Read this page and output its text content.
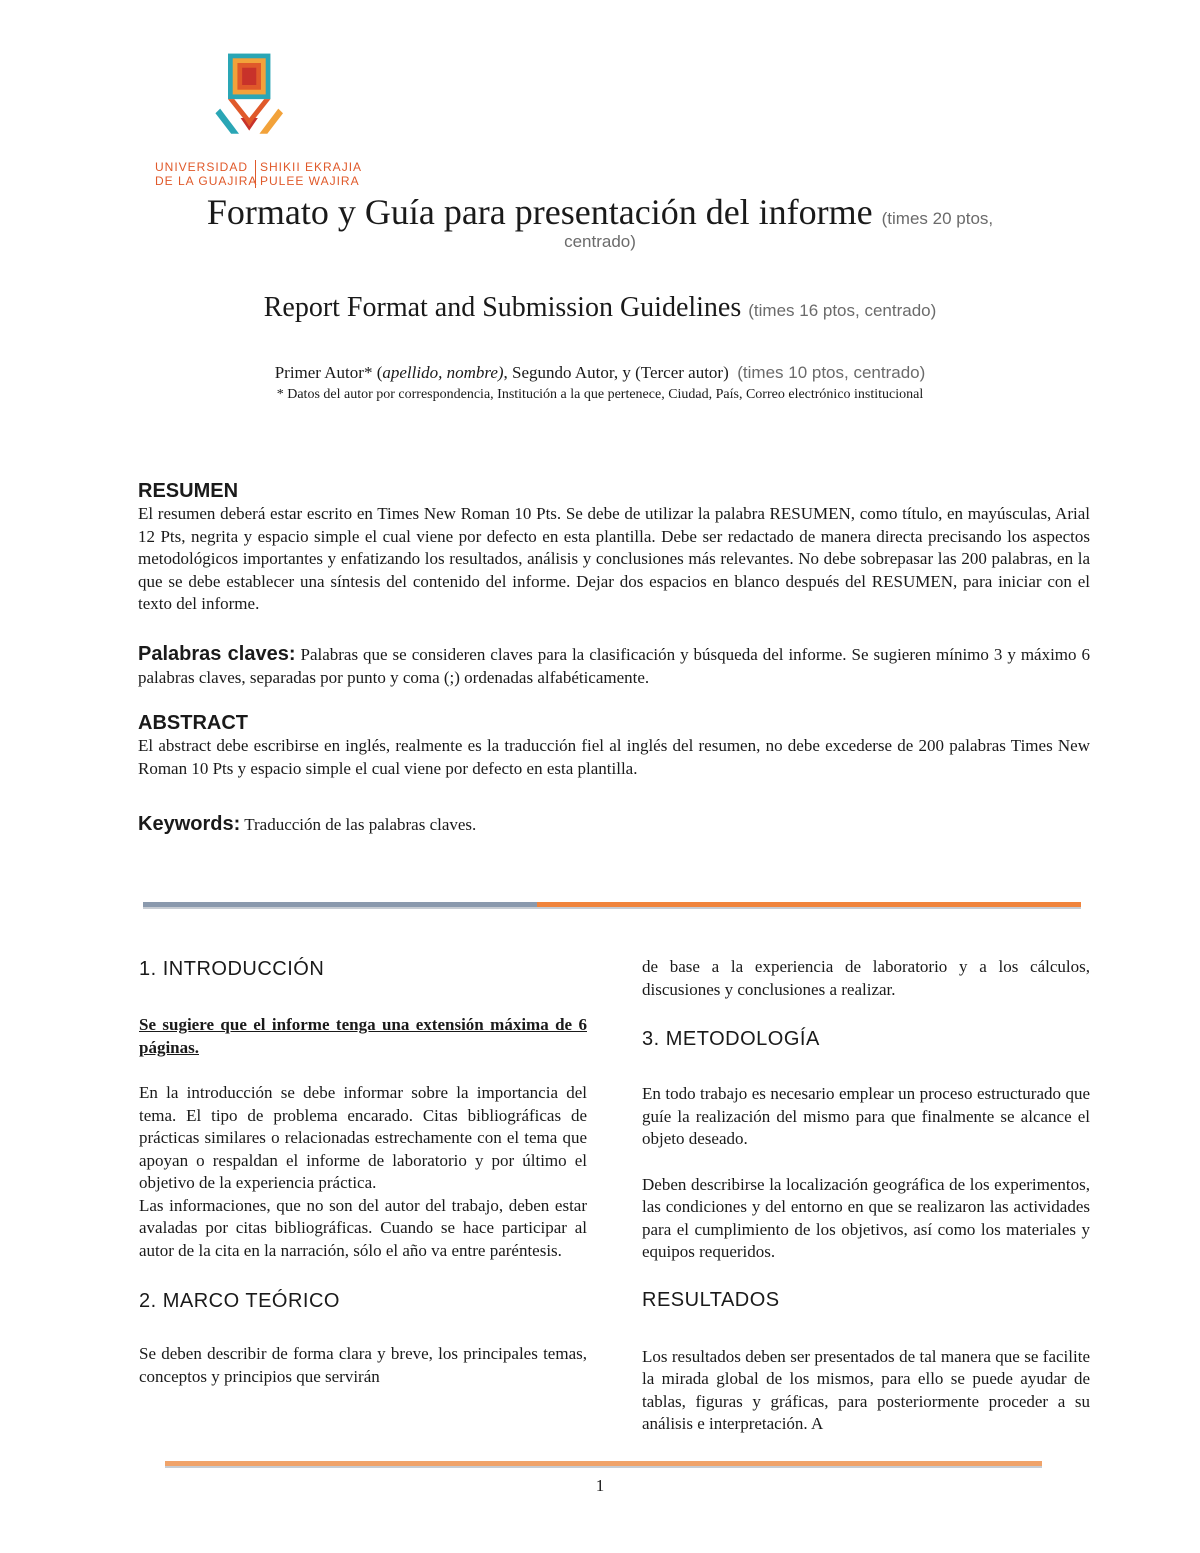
UNIVERSIDAD
DE LA GUAJIRA
SHIKII EKRAJIA
PULEE WAJIRA
Formato y Guía para presentación del informe (times 20 ptos,
centrado)
Report Format and Submission Guidelines (times 16 ptos, centrado)
Primer Autor* (apellido, nombre), Segundo Autor, y (Tercer autor) (times 10 ptos, centrado)
* Datos del autor por correspondencia, Institución a la que pertenece, Ciudad, País, Correo electrónico institucional
RESUMEN
El resumen deberá estar escrito en Times New Roman 10 Pts. Se debe de utilizar la palabra RESUMEN, como título, en mayúsculas, Arial 12 Pts, negrita y espacio simple el cual viene por defecto en esta plantilla. Debe ser redactado de manera directa precisando los aspectos metodológicos importantes y enfatizando los resultados, análisis y conclusiones más relevantes. No debe sobrepasar las 200 palabras, en la que se debe establecer una síntesis del contenido del informe. Dejar dos espacios en blanco después del RESUMEN, para iniciar con el texto del informe.
Palabras claves: Palabras que se consideren claves para la clasificación y búsqueda del informe. Se sugieren mínimo 3 y máximo 6 palabras claves, separadas por punto y coma (;) ordenadas alfabéticamente.
ABSTRACT
El abstract debe escribirse en inglés, realmente es la traducción fiel al inglés del resumen, no debe excederse de 200 palabras Times New Roman 10 Pts y espacio simple el cual viene por defecto en esta plantilla.
Keywords: Traducción de las palabras claves.
1. INTRODUCCIÓN
Se sugiere que el informe tenga una extensión máxima de 6 páginas.
En la introducción se debe informar sobre la importancia del tema. El tipo de problema encarado. Citas bibliográficas de prácticas similares o relacionadas estrechamente con el tema que apoyan o respaldan el informe de laboratorio y por último el objetivo de la experiencia práctica.
Las informaciones, que no son del autor del trabajo, deben estar avaladas por citas bibliográficas. Cuando se hace participar al autor de la cita en la narración, sólo el año va entre paréntesis.
2. MARCO TEÓRICO
Se deben describir de forma clara y breve, los principales temas, conceptos y principios que servirán
de base a la experiencia de laboratorio y a los cálculos, discusiones y conclusiones a realizar.
3. METODOLOGÍA
En todo trabajo es necesario emplear un proceso estructurado que guíe la realización del mismo para que finalmente se alcance el objeto deseado.
Deben describirse la localización geográfica de los experimentos, las condiciones y del entorno en que se realizaron las actividades para el cumplimiento de los objetivos, así como los materiales y equipos requeridos.
RESULTADOS
Los resultados deben ser presentados de tal manera que se facilite la mirada global de los mismos, para ello se puede ayudar de tablas, figuras y gráficas, para posteriormente proceder a su análisis e interpretación. A
1
